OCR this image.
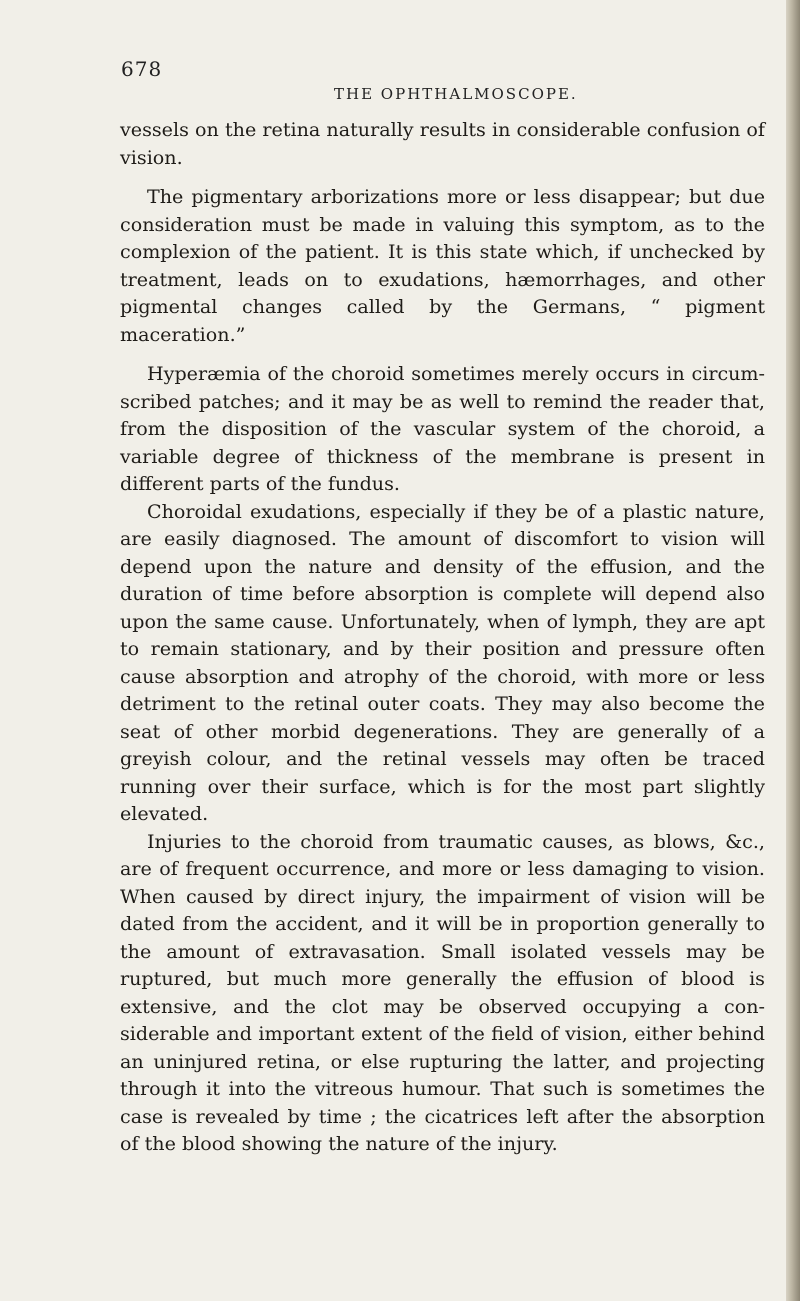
678
THE OPHTHALMOSCOPE.

vessels on the retina naturally results in considerable confusion of vision.

The pigmentary arborizations more or less disappear; but due consideration must be made in valuing this symptom, as to the complexion of the patient. It is this state which, if unchecked by treatment, leads on to exudations, hæmorrhages, and other pigmental changes called by the Germans, “ pigment maceration.”

Hyperæmia of the choroid sometimes merely occurs in circum-scribed patches; and it may be as well to remind the reader that, from the disposition of the vascular system of the choroid, a variable degree of thickness of the membrane is present in different parts of the fundus.

Choroidal exudations, especially if they be of a plastic nature, are easily diagnosed. The amount of discomfort to vision will depend upon the nature and density of the effusion, and the duration of time before absorption is complete will depend also upon the same cause. Unfortunately, when of lymph, they are apt to remain stationary, and by their position and pressure often cause absorption and atrophy of the choroid, with more or less detriment to the retinal outer coats. They may also become the seat of other morbid degenerations. They are generally of a greyish colour, and the retinal vessels may often be traced running over their surface, which is for the most part slightly elevated.

Injuries to the choroid from traumatic causes, as blows, &c., are of frequent occurrence, and more or less damaging to vision. When caused by direct injury, the impairment of vision will be dated from the accident, and it will be in proportion generally to the amount of extravasation. Small isolated vessels may be ruptured, but much more generally the effusion of blood is extensive, and the clot may be observed occupying a con-siderable and important extent of the field of vision, either behind an uninjured retina, or else rupturing the latter, and projecting through it into the vitreous humour. That such is sometimes the case is revealed by time ; the cicatrices left after the absorption of the blood showing the nature of the injury.
